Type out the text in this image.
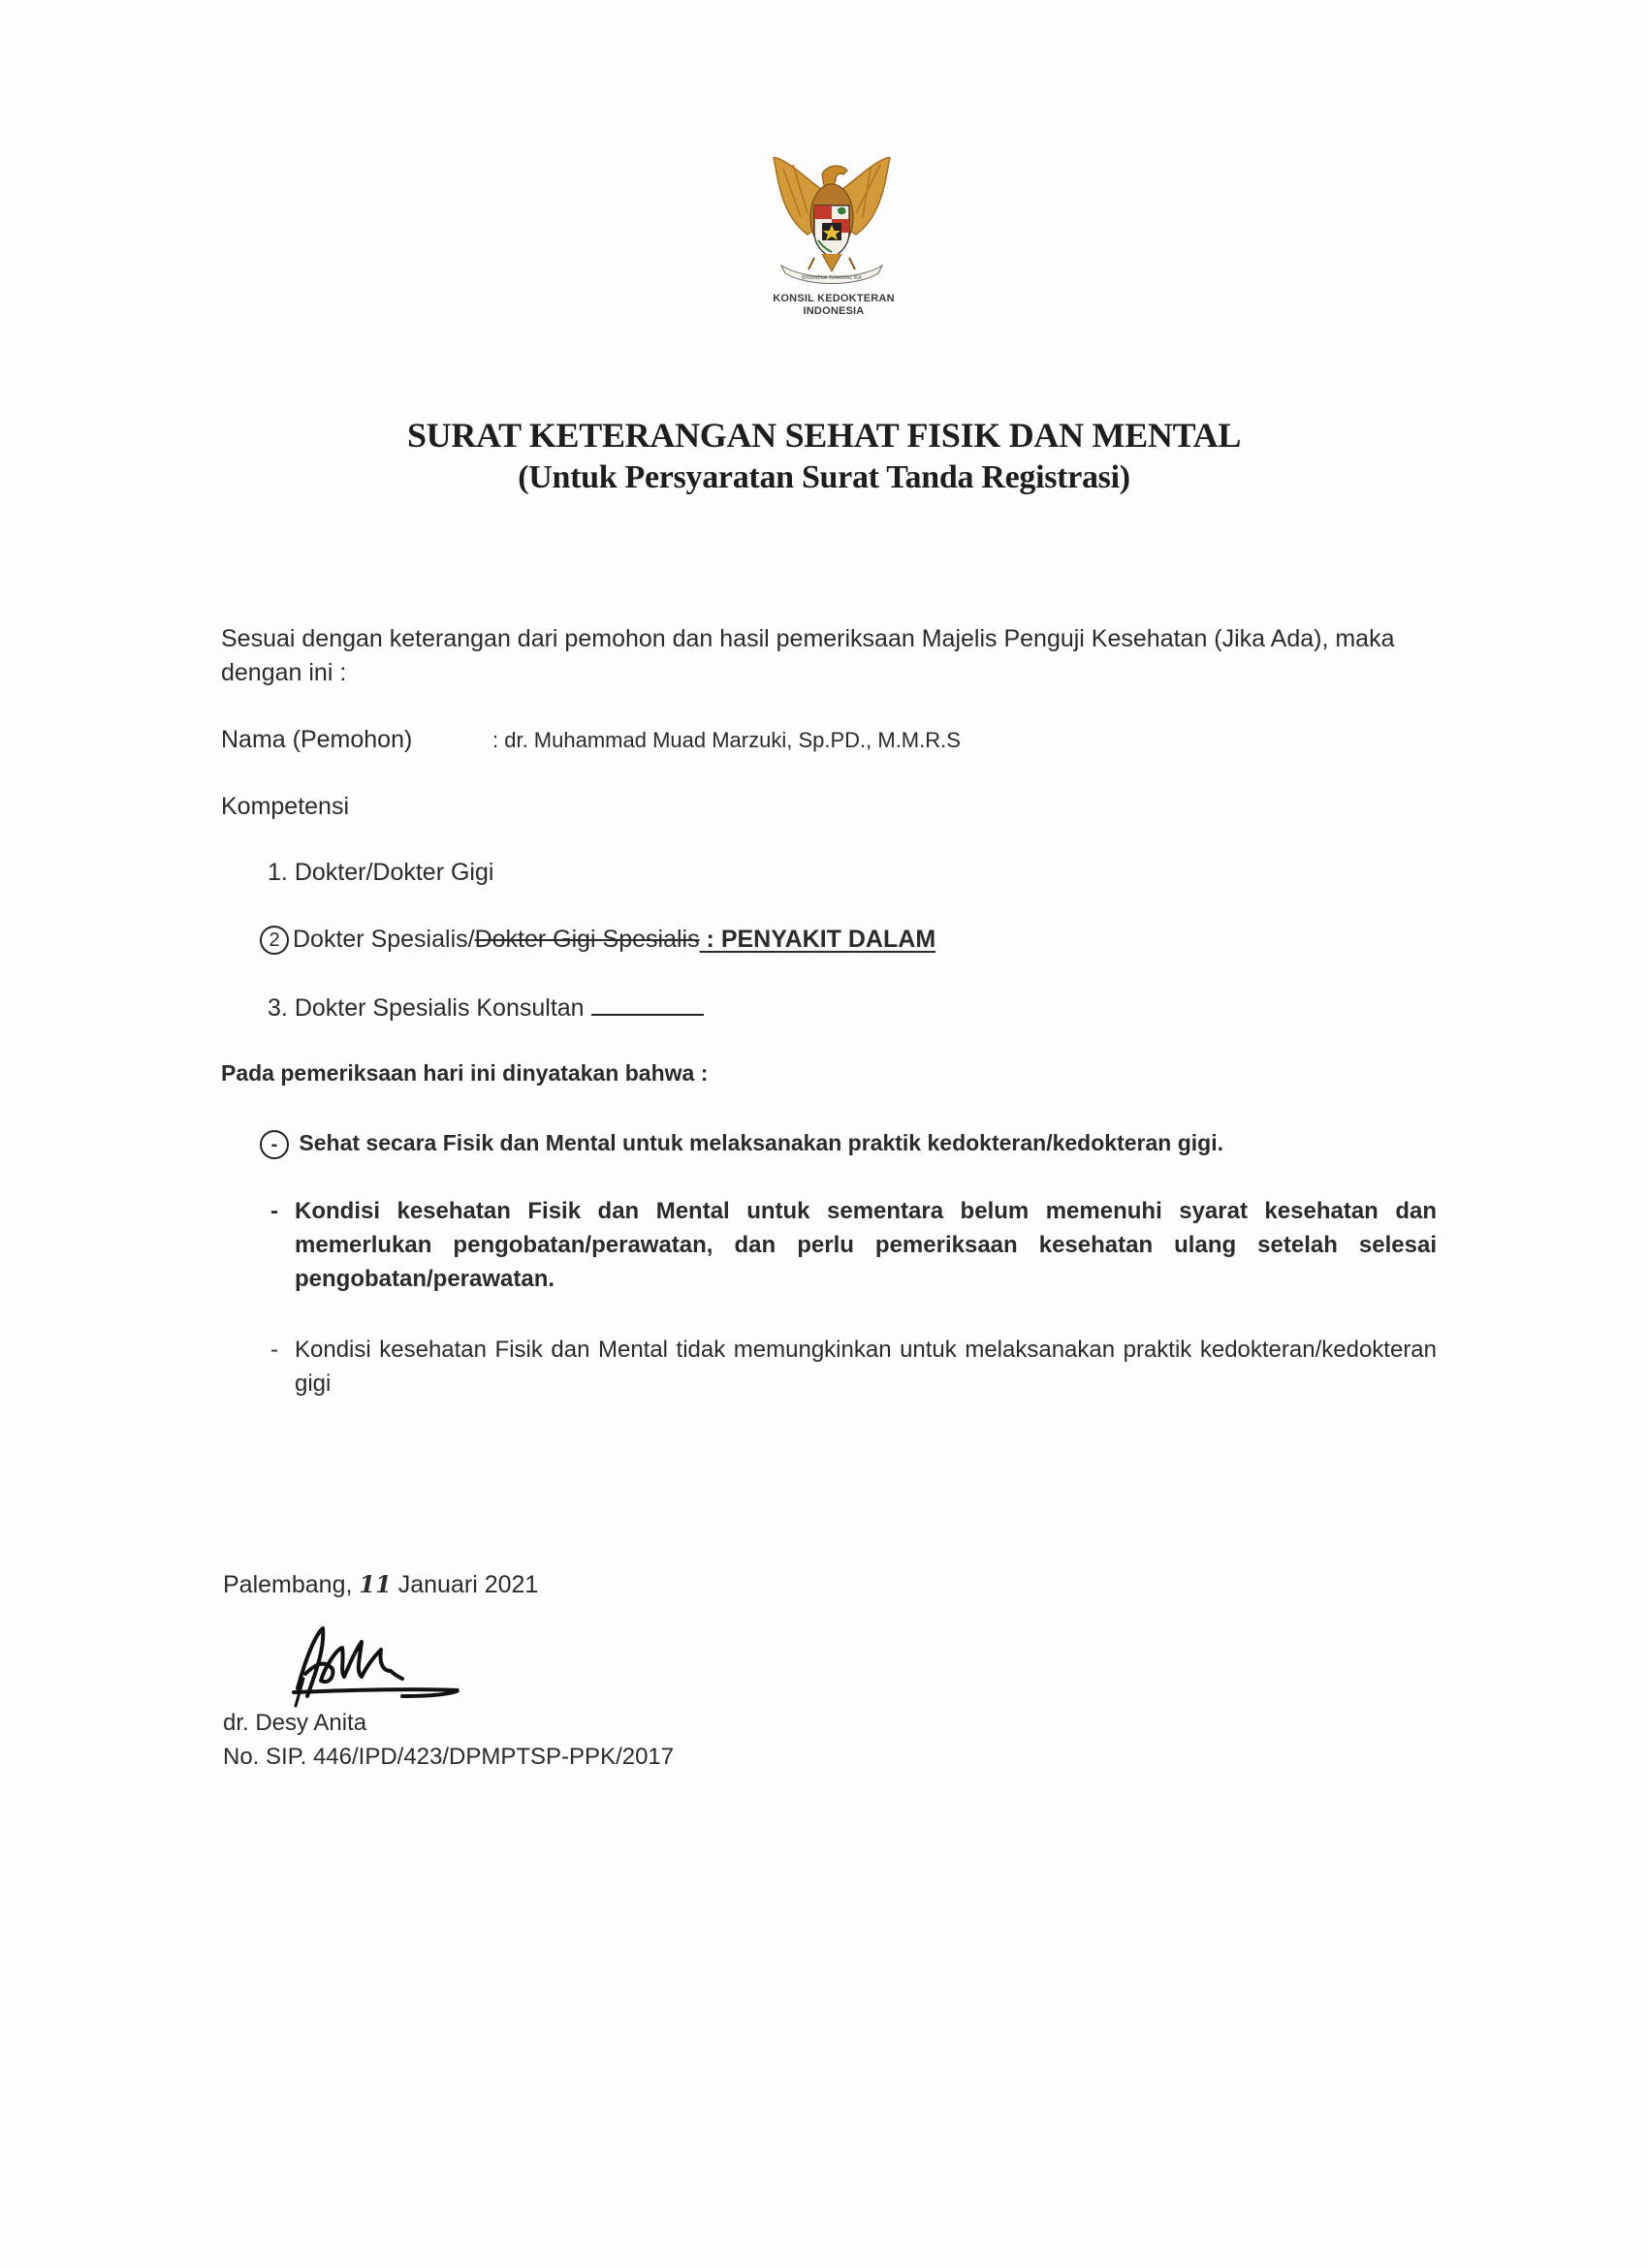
BHINNEKA TUNGGAL IKA
KONSIL KEDOKTERAN
INDONESIA
SURAT KETERANGAN SEHAT FISIK DAN MENTAL
(Untuk Persyaratan Surat Tanda Registrasi)
Sesuai dengan keterangan dari pemohon dan hasil pemeriksaan Majelis Penguji Kesehatan (Jika Ada), maka dengan ini :
Nama (Pemohon)	: dr. Muhammad Muad Marzuki, Sp.PD., M.M.R.S
Kompetensi
1. Dokter/Dokter Gigi
2 Dokter Spesialis/Dokter Gigi Spesialis : PENYAKIT DALAM
3. Dokter Spesialis Konsultan
Pada pemeriksaan hari ini dinyatakan bahwa :
- Sehat secara Fisik dan Mental untuk melaksanakan praktik kedokteran/kedokteran gigi.
- Kondisi kesehatan Fisik dan Mental untuk sementara belum memenuhi syarat kesehatan dan memerlukan pengobatan/perawatan, dan perlu pemeriksaan kesehatan ulang setelah selesai pengobatan/perawatan.
- Kondisi kesehatan Fisik dan Mental tidak memungkinkan untuk melaksanakan praktik kedokteran/kedokteran gigi
Palembang, 11 Januari 2021
dr. Desy Anita
No. SIP. 446/IPD/423/DPMPTSP-PPK/2017
